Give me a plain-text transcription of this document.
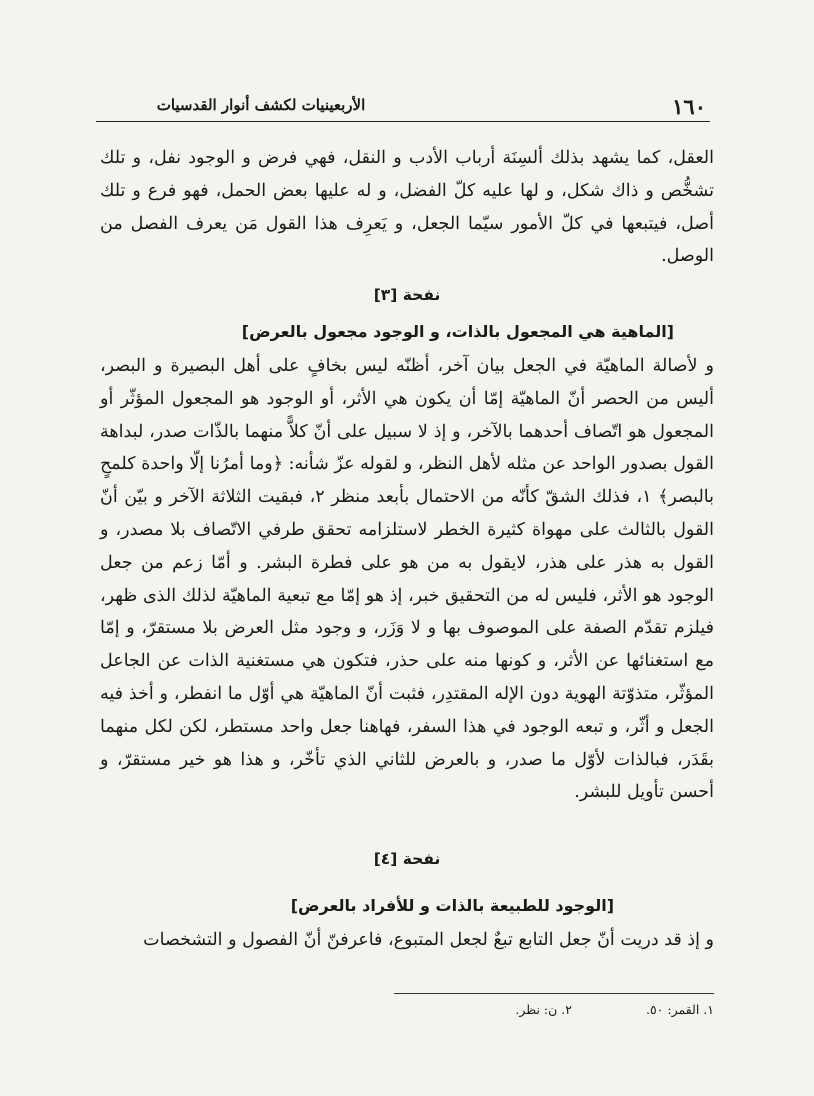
١٦٠
الأربعينيات لكشف أنوار القدسيات
العقل، كما يشهد بذلك ألسِنَة أرباب الأدب و النقل، فهي فرض و الوجود نفل، و تلك تشخُّص و ذاك شكل، و لها عليه كلّ الفضل، و له عليها بعض الحمل، فهو فرع و تلك أصل، فيتبعها في كلّ الأمور سيّما الجعل، و يَعرِف هذا القول مَن يعرف الفصل من الوصل.
نفحة [٣]
[الماهية هي المجعول بالذات، و الوجود مجعول بالعرض]
و لأصالة الماهيّة في الجعل بيان آخر، أظنّه ليس بخافٍ على أهل البصيرة و البصر، أليس من الحصر أنّ الماهيّة إمّا أن يكون هي الأثر، أو الوجود هو المجعول المؤثّر أو المجعول هو اتّصاف أحدهما بالآخر، و إذ لا سبيل على أنّ كلاًّ منهما بالذّات صدر، لبداهة القول بصدور الواحد عن مثله لأهل النظر، و لقوله عزّ شأنه: ﴿وما أمرُنا إلّا واحدة كلمحٍ بالبصر﴾ ١، فذلك الشقّ كأنّه من الاحتمال بأبعد منظر ٢، فبقيت الثلاثة الآخر و بيّن أنّ القول بالثالث على مهواة كثيرة الخطر لاستلزامه تحقق طرفي الاتّصاف بلا مصدر، و القول به هذر على هذر، لايقول به من هو على فطرة البشر. و أمّا زعم من جعل الوجود هو الأثر، فليس له من التحقيق خبر، إذ هو إمّا مع تبعية الماهيّة لذلك الذى ظهر، فيلزم تقدّم الصفة على الموصوف بها و لا وَزَر، و وجود مثل العرض بلا مستقرّ، و إمّا مع استغنائها عن الأثر، و كونها منه على حذر، فتكون هي مستغنية الذات عن الجاعل المؤثّر، متذوّتة الهوية دون الإله المقتدِر، فثبت أنّ الماهيّة هي أوّل ما انفطر، و أخذ فيه الجعل و أثّر، و تبعه الوجود في هذا السفر، فهاهنا جعل واحد مستطر، لكن لكل منهما بقَدَر، فبالذات لأوّل ما صدر، و بالعرض للثاني الذي تأخّر، و هذا هو خير مستقرّ، و أحسن تأويل للبشر.
نفحة [٤]
[الوجود للطبيعة بالذات و للأفراد بالعرض]
و إذ قد دريت أنّ جعل التابع تبعٌ لجعل المتبوع، فاعرفنّ أنّ الفصول و التشخصات
١. القمر: ٥٠. ٢. ن: نظر.
